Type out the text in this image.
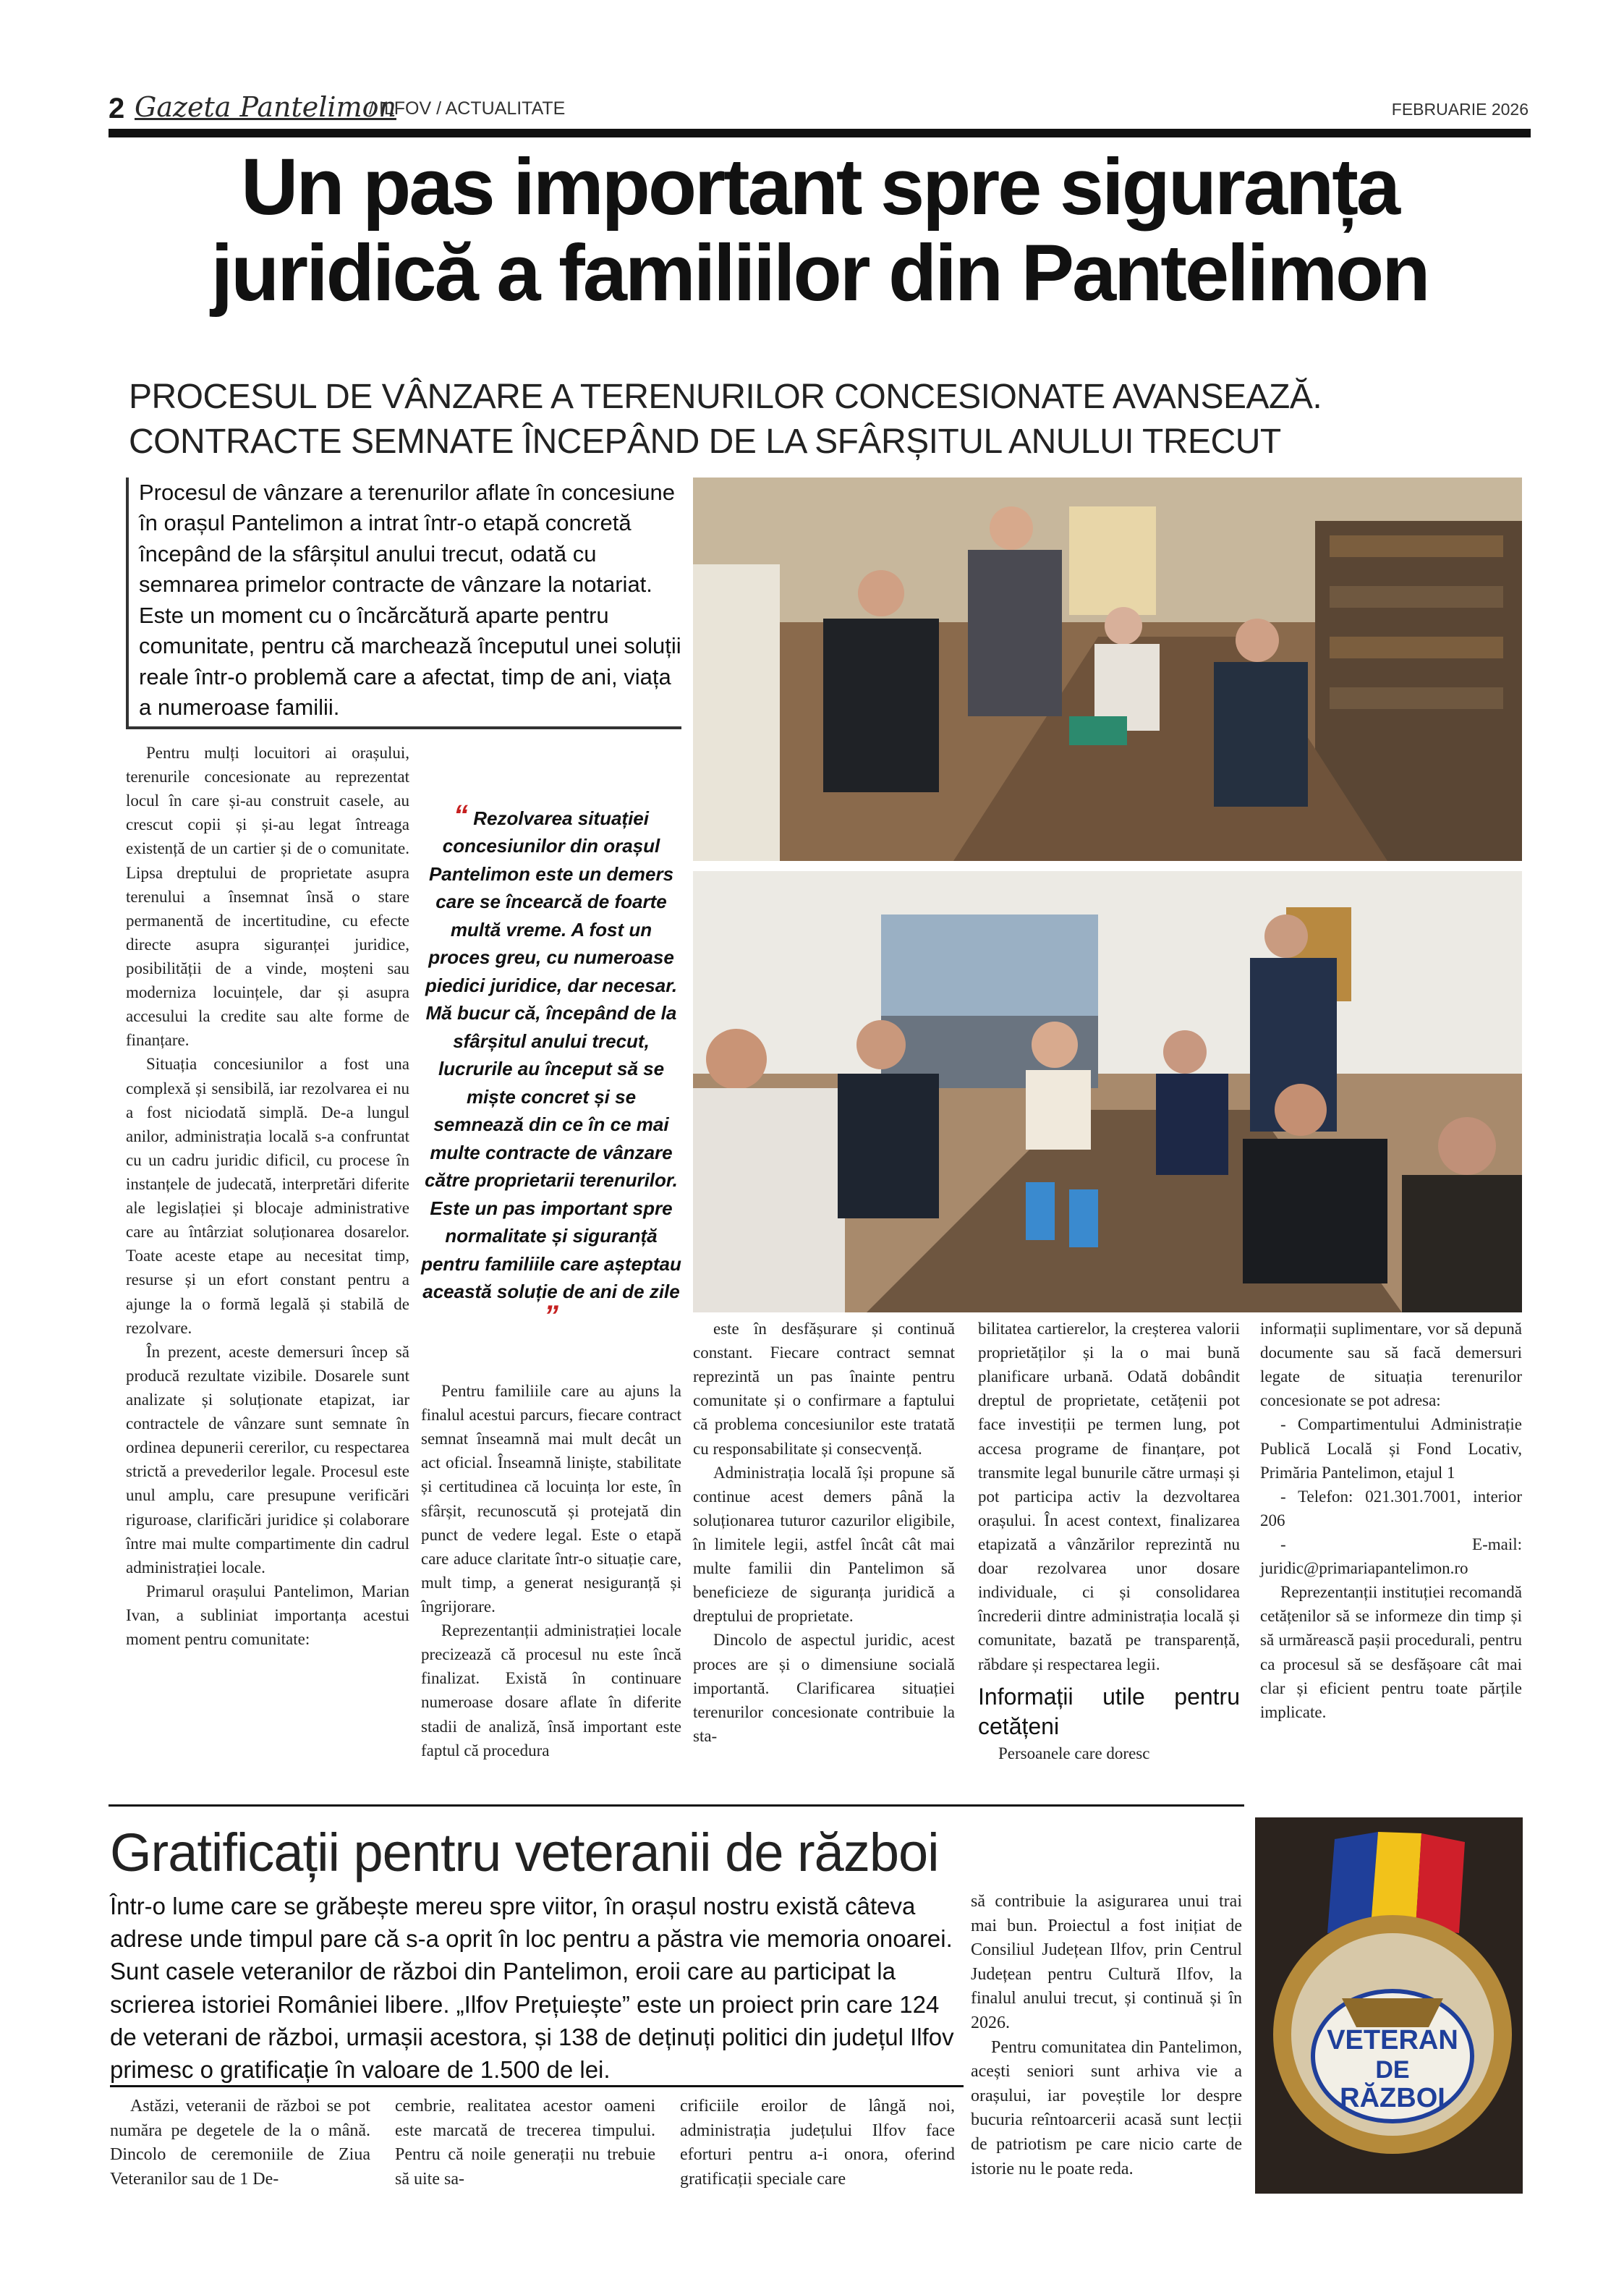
2 Gazeta Pantelimon
/ ILFOV / ACTUALITATE	FEBRUARIE 2026
Un pas important spre siguranța
juridică a familiilor din Pantelimon
PROCESUL DE VÂNZARE A TERENURILOR CONCESIONATE AVANSEAZĂ.
CONTRACTE SEMNATE ÎNCEPÂND DE LA SFÂRȘITUL ANULUI TRECUT
Procesul de vânzare a terenurilor aflate în concesiune în orașul Pantelimon a intrat într-o etapă concretă începând de la sfârșitul anului trecut, odată cu semnarea primelor contracte de vânzare la notariat. Este un moment cu o încărcătură aparte pentru comunitate, pentru că marchează începutul unei soluții reale într-o problemă care a afectat, timp de ani, viața a numeroase familii.

Pentru mulți locuitori ai orașului, terenurile concesionate au reprezentat locul în care și-au construit casele, au crescut copii și și-au legat întreaga existență de un cartier și de o comunitate. Lipsa dreptului de proprietate asupra terenului a însemnat însă o stare permanentă de incertitudine, cu efecte directe asupra siguranței juridice, posibilității de a vinde, moșteni sau moderniza locuințele, dar și asupra accesului la credite sau alte forme de finanțare.

Situația concesiunilor a fost una complexă și sensibilă, iar rezolvarea ei nu a fost niciodată simplă. De-a lungul anilor, administrația locală s-a confruntat cu un cadru juridic dificil, cu procese în instanțele de judecată, interpretări diferite ale legislației și blocaje administrative care au întârziat soluționarea dosarelor. Toate aceste etape au necesitat timp, resurse și un efort constant pentru a ajunge la o formă legală și stabilă de rezolvare.

În prezent, aceste demersuri încep să producă rezultate vizibile. Dosarele sunt analizate și soluționate etapizat, iar contractele de vânzare sunt semnate în ordinea depunerii cererilor, cu respectarea strictă a prevederilor legale. Procesul este unul amplu, care presupune verificări riguroase, clarificări juridice și colaborare între mai multe compartimente din cadrul administrației locale.

Primarul orașului Pantelimon, Marian Ivan, a subliniat importanța acestui moment pentru comunitate:

“ Rezolvarea situației concesiunilor din orașul Pantelimon este un demers care se încearcă de foarte multă vreme. A fost un proces greu, cu numeroase piedici juridice, dar necesar. Mă bucur că, începând de la sfârșitul anului trecut, lucrurile au început să se miște concret și se semnează din ce în ce mai multe contracte de vânzare către proprietarii terenurilor. Este un pas important spre normalitate și siguranță pentru familiile care așteptau această soluție de ani de zile ”

Pentru familiile care au ajuns la finalul acestui parcurs, fiecare contract semnat înseamnă mai mult decât un act oficial. Înseamnă liniște, stabilitate și certitudinea că locuința lor este, în sfârșit, recunoscută și protejată din punct de vedere legal. Este o etapă care aduce claritate într-o situație care, mult timp, a generat nesiguranță și îngrijorare.

Reprezentanții administrației locale precizează că procesul nu este încă finalizat. Există în continuare numeroase dosare aflate în diferite stadii de analiză, însă important este faptul că procedura

este în desfășurare și continuă constant. Fiecare contract semnat reprezintă un pas înainte pentru comunitate și o confirmare a faptului că problema concesiunilor este tratată cu responsabilitate și consecvență.

Administrația locală își propune să continue acest demers până la soluționarea tuturor cazurilor eligibile, în limitele legii, astfel încât cât mai multe familii din Pantelimon să beneficieze de siguranța juridică a dreptului de proprietate.

Dincolo de aspectul juridic, acest proces are și o dimensiune socială importantă. Clarificarea situației terenurilor concesionate contribuie la sta-

bilitatea cartierelor, la creșterea valorii proprietăților și la o mai bună planificare urbană. Odată dobândit dreptul de proprietate, cetățenii pot face investiții pe termen lung, pot accesa programe de finanțare, pot transmite legal bunurile către urmași și pot participa activ la dezvoltarea orașului. În acest context, finalizarea etapizată a vânzărilor reprezintă nu doar rezolvarea unor dosare individuale, ci și consolidarea încrederii dintre administrația locală și comunitate, bazată pe transparență, răbdare și respectarea legii.

Informații utile pentru cetățeni

Persoanele care doresc

informații suplimentare, vor să depună documente sau să facă demersuri legate de situația terenurilor concesionate se pot adresa:

- Compartimentului Administrație Publică Locală și Fond Locativ, Primăria Pantelimon, etajul 1

- Telefon: 021.301.7001, interior 206

- E-mail: juridic@primariapantelimon.ro

Reprezentanții instituției recomandă cetățenilor să se informeze din timp și să urmărească pașii procedurali, pentru ca procesul să se desfășoare cât mai clar și eficient pentru toate părțile implicate.

Gratificații pentru veteranii de război
Într-o lume care se grăbește mereu spre viitor, în orașul nostru există câteva adrese unde timpul pare că s-a oprit în loc pentru a păstra vie memoria onoarei. Sunt casele veteranilor de război din Pantelimon, eroii care au participat la scrierea istoriei României libere. „Ilfov Prețuiește” este un proiect prin care 124 de veterani de război, urmașii acestora, și 138 de deținuți politici din județul Ilfov primesc o gratificație în valoare de 1.500 de lei.

Astăzi, veteranii de război se pot număra pe degetele de la o mână. Dincolo de ceremoniile de Ziua Veteranilor sau de 1 De-

cembrie, realitatea acestor oameni este marcată de trecerea timpului. Pentru că noile generații nu trebuie să uite sa-

crificiile eroilor de lângă noi, administrația județului Ilfov face eforturi pentru a-i onora, oferind gratificații speciale care

să contribuie la asigurarea unui trai mai bun. Proiectul a fost inițiat de Consiliul Județean Ilfov, prin Centrul Județean pentru Cultură Ilfov, la finalul anului trecut, și continuă și în 2026.

Pentru comunitatea din Pantelimon, acești seniori sunt arhiva vie a orașului, iar poveștile lor despre bucuria reîntoarcerii acasă sunt lecții de patriotism pe care nicio carte de istorie nu le poate reda.

VETERAN
DE
RĂZBOI
